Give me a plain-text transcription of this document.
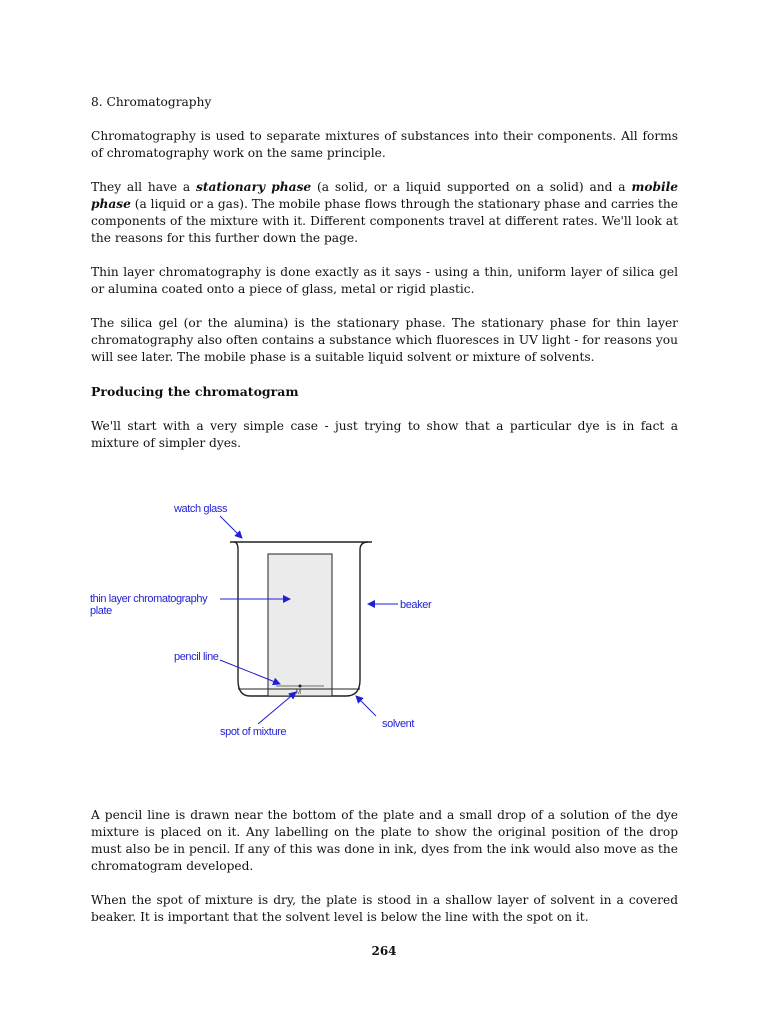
8. Chromatography

Chromatography is used to separate mixtures of substances into their components. All forms of chromatography work on the same principle.

They all have a stationary phase (a solid, or a liquid supported on a solid) and a mobile phase (a liquid or a gas). The mobile phase flows through the stationary phase and carries the components of the mixture with it. Different components travel at different rates. We'll look at the reasons for this further down the page.

Thin layer chromatography is done exactly as it says - using a thin, uniform layer of silica gel or alumina coated onto a piece of glass, metal or rigid plastic.

The silica gel (or the alumina) is the stationary phase. The stationary phase for thin layer chromatography also often contains a substance which fluoresces in UV light - for reasons you will see later. The mobile phase is a suitable liquid solvent or mixture of solvents.

Producing the chromatogram

We'll start with a very simple case - just trying to show that a particular dye is in fact a mixture of simpler dyes.

M
watch glass
thin layer chromatography
plate	beaker
pencil line
spot of mixture
solvent

A pencil line is drawn near the bottom of the plate and a small drop of a solution of the dye mixture is placed on it. Any labelling on the plate to show the original position of the drop must also be in pencil. If any of this was done in ink, dyes from the ink would also move as the chromatogram developed.

When the spot of mixture is dry, the plate is stood in a shallow layer of solvent in a covered beaker. It is important that the solvent level is below the line with the spot on it.

264
